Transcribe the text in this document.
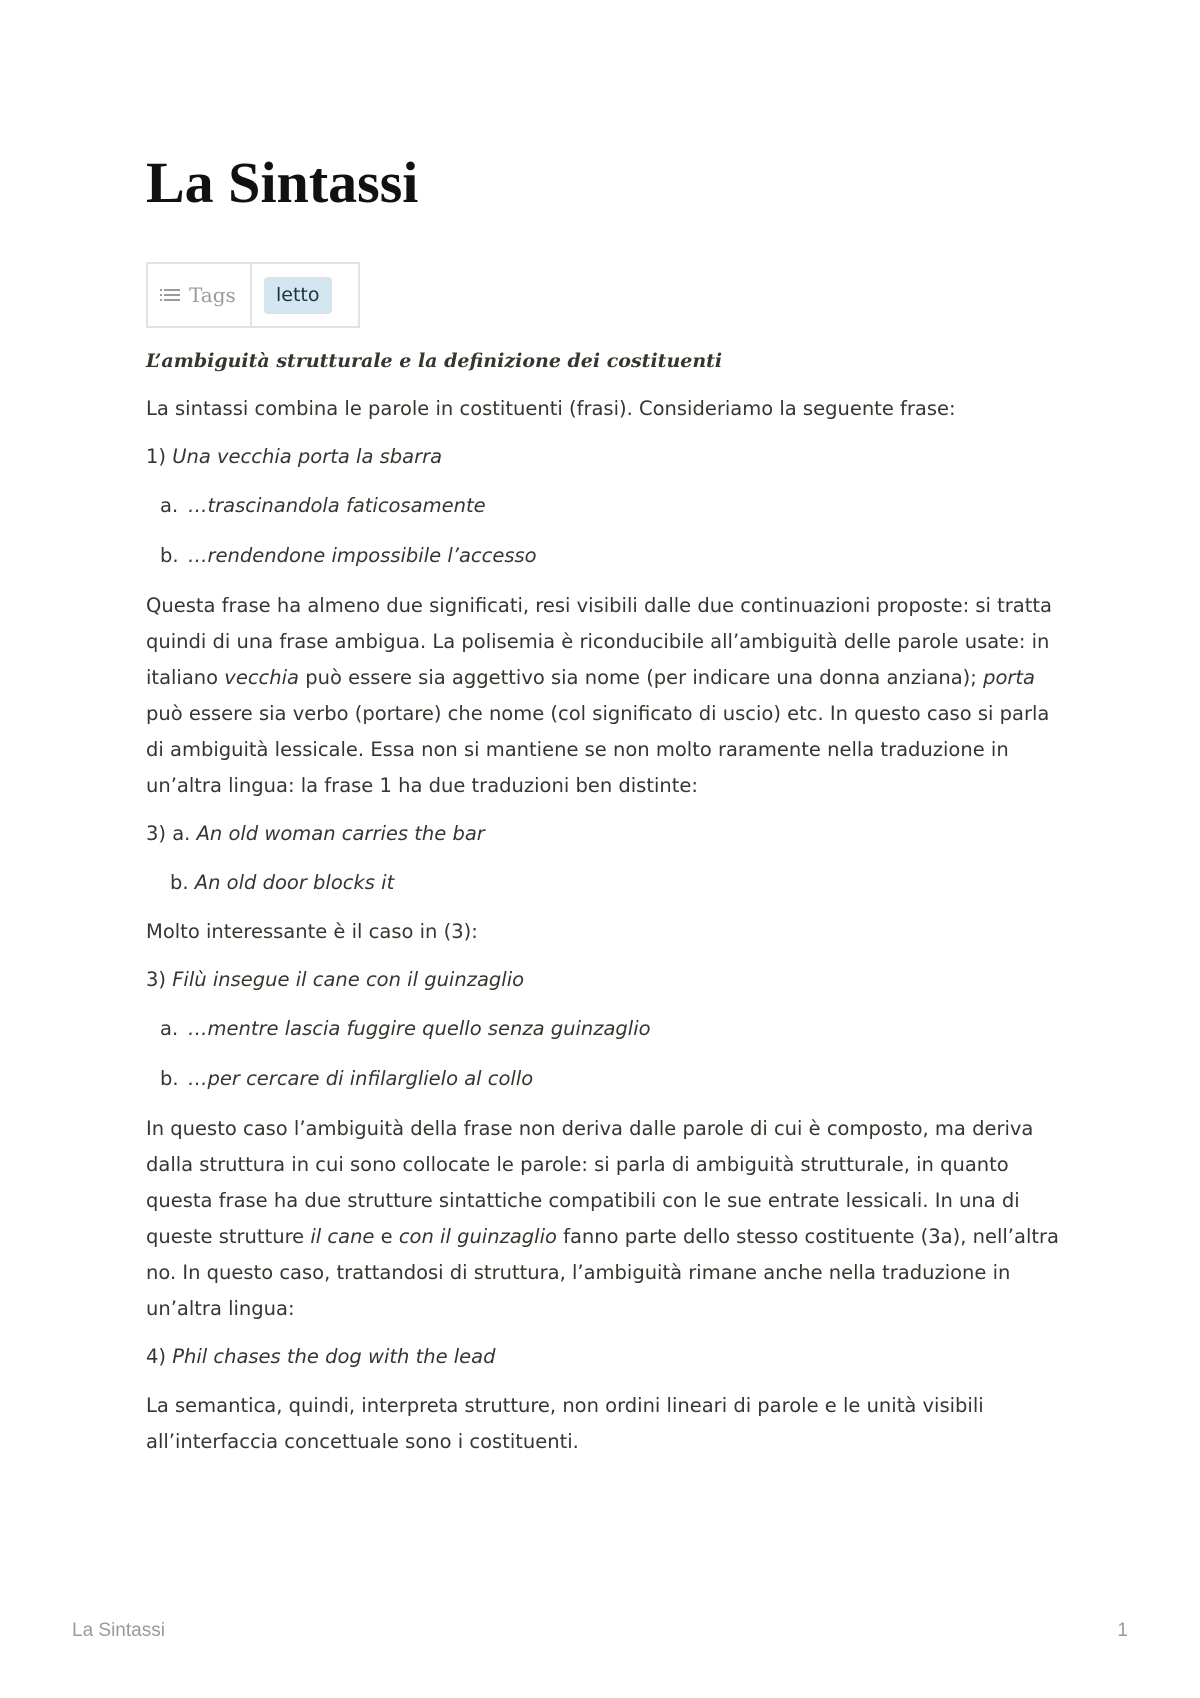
La Sintassi
Tags	letto

L’ambiguità strutturale e la definizione dei costituenti

La sintassi combina le parole in costituenti (frasi). Consideriamo la seguente frase:

1) Una vecchia porta la sbarra

a. …trascinandola faticosamente

b. …rendendone impossibile l’accesso

Questa frase ha almeno due significati, resi visibili dalle due continuazioni proposte: si tratta quindi di una frase ambigua. La polisemia è riconducibile all’ambiguità delle parole usate: in italiano vecchia può essere sia aggettivo sia nome (per indicare una donna anziana); porta può essere sia verbo (portare) che nome (col significato di uscio) etc. In questo caso si parla di ambiguità lessicale. Essa non si mantiene se non molto raramente nella traduzione in un’altra lingua: la frase 1 ha due traduzioni ben distinte:

3) a. An old woman carries the bar

b. An old door blocks it

Molto interessante è il caso in (3):

3) Filù insegue il cane con il guinzaglio

a. …mentre lascia fuggire quello senza guinzaglio

b. …per cercare di infilarglielo al collo

In questo caso l’ambiguità della frase non deriva dalle parole di cui è composto, ma deriva dalla struttura in cui sono collocate le parole: si parla di ambiguità strutturale, in quanto questa frase ha due strutture sintattiche compatibili con le sue entrate lessicali. In una di queste strutture il cane e con il guinzaglio fanno parte dello stesso costituente (3a), nell’altra no. In questo caso, trattandosi di struttura, l’ambiguità rimane anche nella traduzione in un’altra lingua:

4) Phil chases the dog with the lead

La semantica, quindi, interpreta strutture, non ordini lineari di parole e le unità visibili all’interfaccia concettuale sono i costituenti.

La Sintassi	1
